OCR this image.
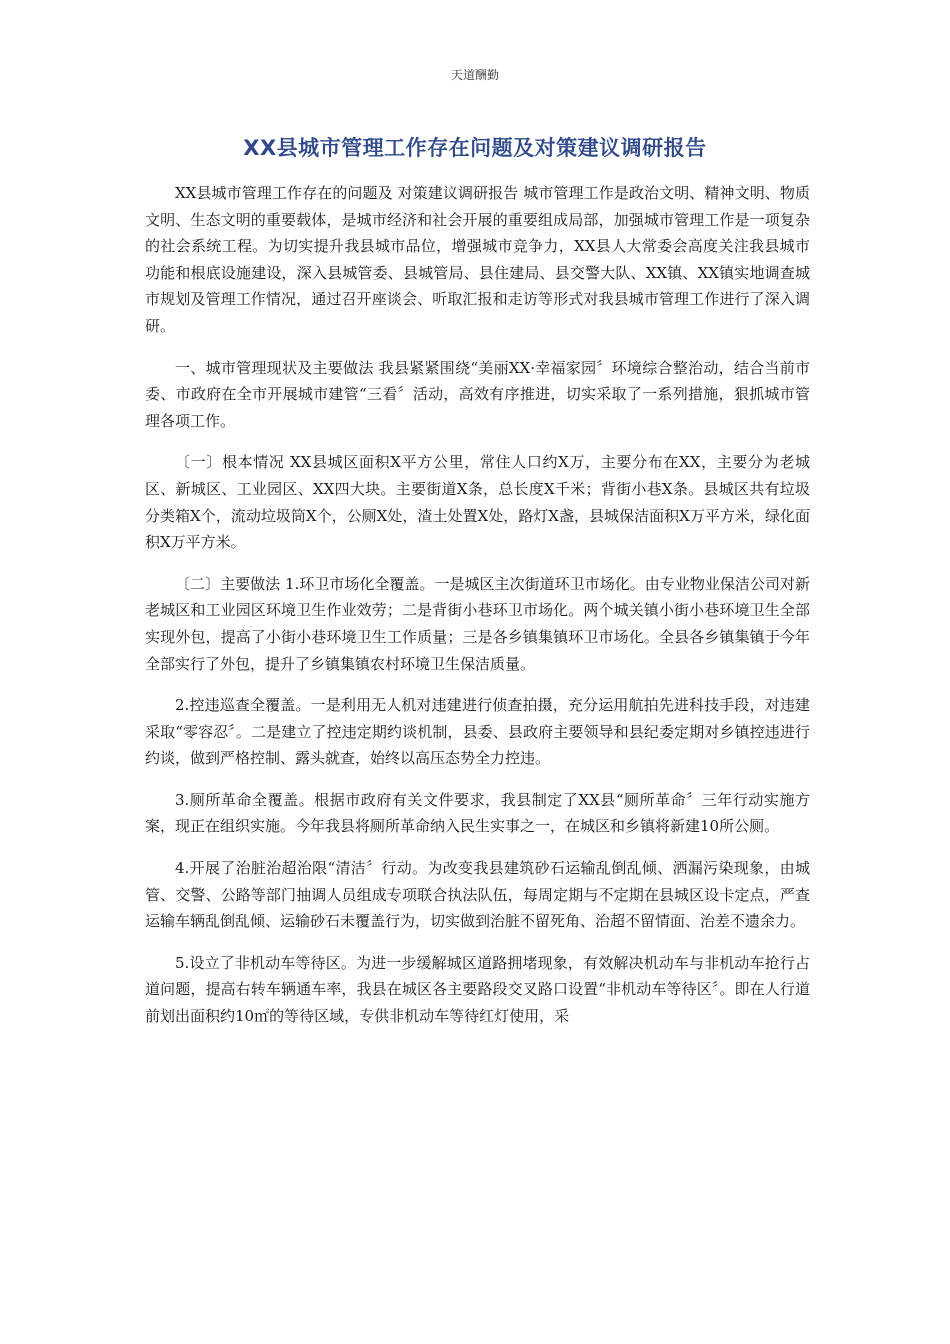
天道酬勤
XX县城市管理工作存在问题及对策建议调研报告

XX县城市管理工作存在的问题及 对策建议调研报告 城市管理工作是政治文明、精神文明、物质文明、生态文明的重要载体，是城市经济和社会开展的重要组成局部，加强城市管理工作是一项复杂的社会系统工程。为切实提升我县城市品位，增强城市竞争力，XX县人大常委会高度关注我县城市功能和根底设施建设，深入县城管委、县城管局、县住建局、县交警大队、XX镇、XX镇实地调查城市规划及管理工作情况，通过召开座谈会、听取汇报和走访等形式对我县城市管理工作进行了深入调研。

一、城市管理现状及主要做法 我县紧紧围绕“美丽XX·幸福家园〞环境综合整治动，结合当前市委、市政府在全市开展城市建管“三看〞活动，高效有序推进，切实采取了一系列措施，狠抓城市管理各项工作。

〔一〕根本情况 XX县城区面积X平方公里，常住人口约X万，主要分布在XX，主要分为老城区、新城区、工业园区、XX四大块。主要街道X条，总长度X千米；背街小巷X条。县城区共有垃圾分类箱X个，流动垃圾筒X个，公厕X处，渣土处置X处，路灯X盏，县城保洁面积X万平方米，绿化面积X万平方米。

〔二〕主要做法 1.环卫市场化全覆盖。一是城区主次街道环卫市场化。由专业物业保洁公司对新老城区和工业园区环境卫生作业效劳；二是背街小巷环卫市场化。两个城关镇小街小巷环境卫生全部实现外包，提高了小街小巷环境卫生工作质量；三是各乡镇集镇环卫市场化。全县各乡镇集镇于今年全部实行了外包，提升了乡镇集镇农村环境卫生保洁质量。

2.控违巡查全覆盖。一是利用无人机对违建进行侦查拍摄，充分运用航拍先进科技手段，对违建采取“零容忍〞。二是建立了控违定期约谈机制，县委、县政府主要领导和县纪委定期对乡镇控违进行约谈，做到严格控制、露头就查，始终以高压态势全力控违。

3.厕所革命全覆盖。根据市政府有关文件要求，我县制定了XX县“厕所革命〞三年行动实施方案，现正在组织实施。今年我县将厕所革命纳入民生实事之一，在城区和乡镇将新建10所公厕。

4.开展了治脏治超治限“清洁〞行动。为改变我县建筑砂石运输乱倒乱倾、洒漏污染现象，由城管、交警、公路等部门抽调人员组成专项联合执法队伍，每周定期与不定期在县城区设卡定点，严查运输车辆乱倒乱倾、运输砂石未覆盖行为，切实做到治脏不留死角、治超不留情面、治差不遗余力。

5.设立了非机动车等待区。为进一步缓解城区道路拥堵现象，有效解决机动车与非机动车抢行占道问题，提高右转车辆通车率，我县在城区各主要路段交叉路口设置“非机动车等待区〞。即在人行道前划出面积约10㎡的等待区域，专供非机动车等待红灯使用，采
